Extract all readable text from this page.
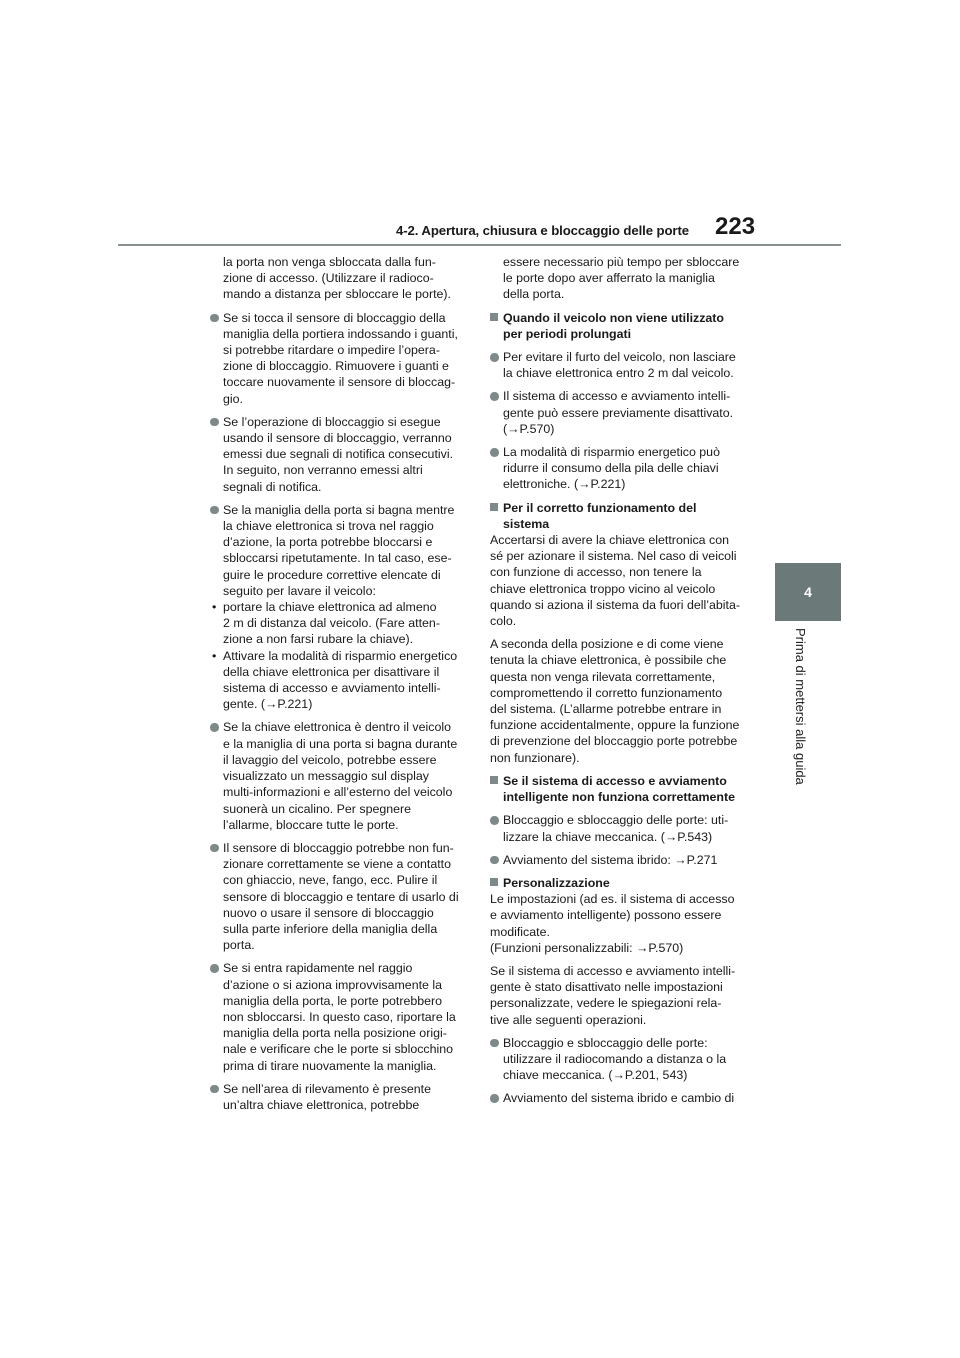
4-2. Apertura, chiusura e bloccaggio delle porte	223
4
Prima di mettersi alla guida

la porta non venga sbloccata dalla fun-
zione di accesso. (Utilizzare il radioco-
mando a distanza per sbloccare le porte).

Se si tocca il sensore di bloccaggio della
maniglia della portiera indossando i guanti,
si potrebbe ritardare o impedire l’opera-
zione di bloccaggio. Rimuovere i guanti e
toccare nuovamente il sensore di bloccag-
gio.
Se l’operazione di bloccaggio si esegue
usando il sensore di bloccaggio, verranno
emessi due segnali di notifica consecutivi.
In seguito, non verranno emessi altri
segnali di notifica.
Se la maniglia della porta si bagna mentre
la chiave elettronica si trova nel raggio
d’azione, la porta potrebbe bloccarsi e
sbloccarsi ripetutamente. In tal caso, ese-
guire le procedure correttive elencate di
seguito per lavare il veicolo:
• portare la chiave elettronica ad almeno
2 m di distanza dal veicolo. (Fare atten-
zione a non farsi rubare la chiave).
• Attivare la modalità di risparmio energetico
della chiave elettronica per disattivare il
sistema di accesso e avviamento intelli-
gente. (→P.221)
Se la chiave elettronica è dentro il veicolo
e la maniglia di una porta si bagna durante
il lavaggio del veicolo, potrebbe essere
visualizzato un messaggio sul display
multi-informazioni e all’esterno del veicolo
suonerà un cicalino. Per spegnere
l’allarme, bloccare tutte le porte.
Il sensore di bloccaggio potrebbe non fun-
zionare correttamente se viene a contatto
con ghiaccio, neve, fango, ecc. Pulire il
sensore di bloccaggio e tentare di usarlo di
nuovo o usare il sensore di bloccaggio
sulla parte inferiore della maniglia della
porta.
Se si entra rapidamente nel raggio
d’azione o si aziona improvvisamente la
maniglia della porta, le porte potrebbero
non sbloccarsi. In questo caso, riportare la
maniglia della porta nella posizione origi-
nale e verificare che le porte si sblocchino
prima di tirare nuovamente la maniglia.
Se nell’area di rilevamento è presente
un’altra chiave elettronica, potrebbe

essere necessario più tempo per sbloccare
le porte dopo aver afferrato la maniglia
della porta.

Quando il veicolo non viene utilizzato
per periodi prolungati
Per evitare il furto del veicolo, non lasciare
la chiave elettronica entro 2 m dal veicolo.
Il sistema di accesso e avviamento intelli-
gente può essere previamente disattivato.
(→P.570)
La modalità di risparmio energetico può
ridurre il consumo della pila delle chiavi
elettroniche. (→P.221)
Per il corretto funzionamento del
sistema

Accertarsi di avere la chiave elettronica con
sé per azionare il sistema. Nel caso di veicoli
con funzione di accesso, non tenere la
chiave elettronica troppo vicino al veicolo
quando si aziona il sistema da fuori dell’abita-
colo.

A seconda della posizione e di come viene
tenuta la chiave elettronica, è possibile che
questa non venga rilevata correttamente,
compromettendo il corretto funzionamento
del sistema. (L’allarme potrebbe entrare in
funzione accidentalmente, oppure la funzione
di prevenzione del bloccaggio porte potrebbe
non funzionare).

Se il sistema di accesso e avviamento
intelligente non funziona correttamente
Bloccaggio e sbloccaggio delle porte: uti-
lizzare la chiave meccanica. (→P.543)
Avviamento del sistema ibrido: →P.271
Personalizzazione

Le impostazioni (ad es. il sistema di accesso
e avviamento intelligente) possono essere
modificate.
(Funzioni personalizzabili: →P.570)

Se il sistema di accesso e avviamento intelli-
gente è stato disattivato nelle impostazioni
personalizzate, vedere le spiegazioni rela-
tive alle seguenti operazioni.

Bloccaggio e sbloccaggio delle porte:
utilizzare il radiocomando a distanza o la
chiave meccanica. (→P.201, 543)
Avviamento del sistema ibrido e cambio di
